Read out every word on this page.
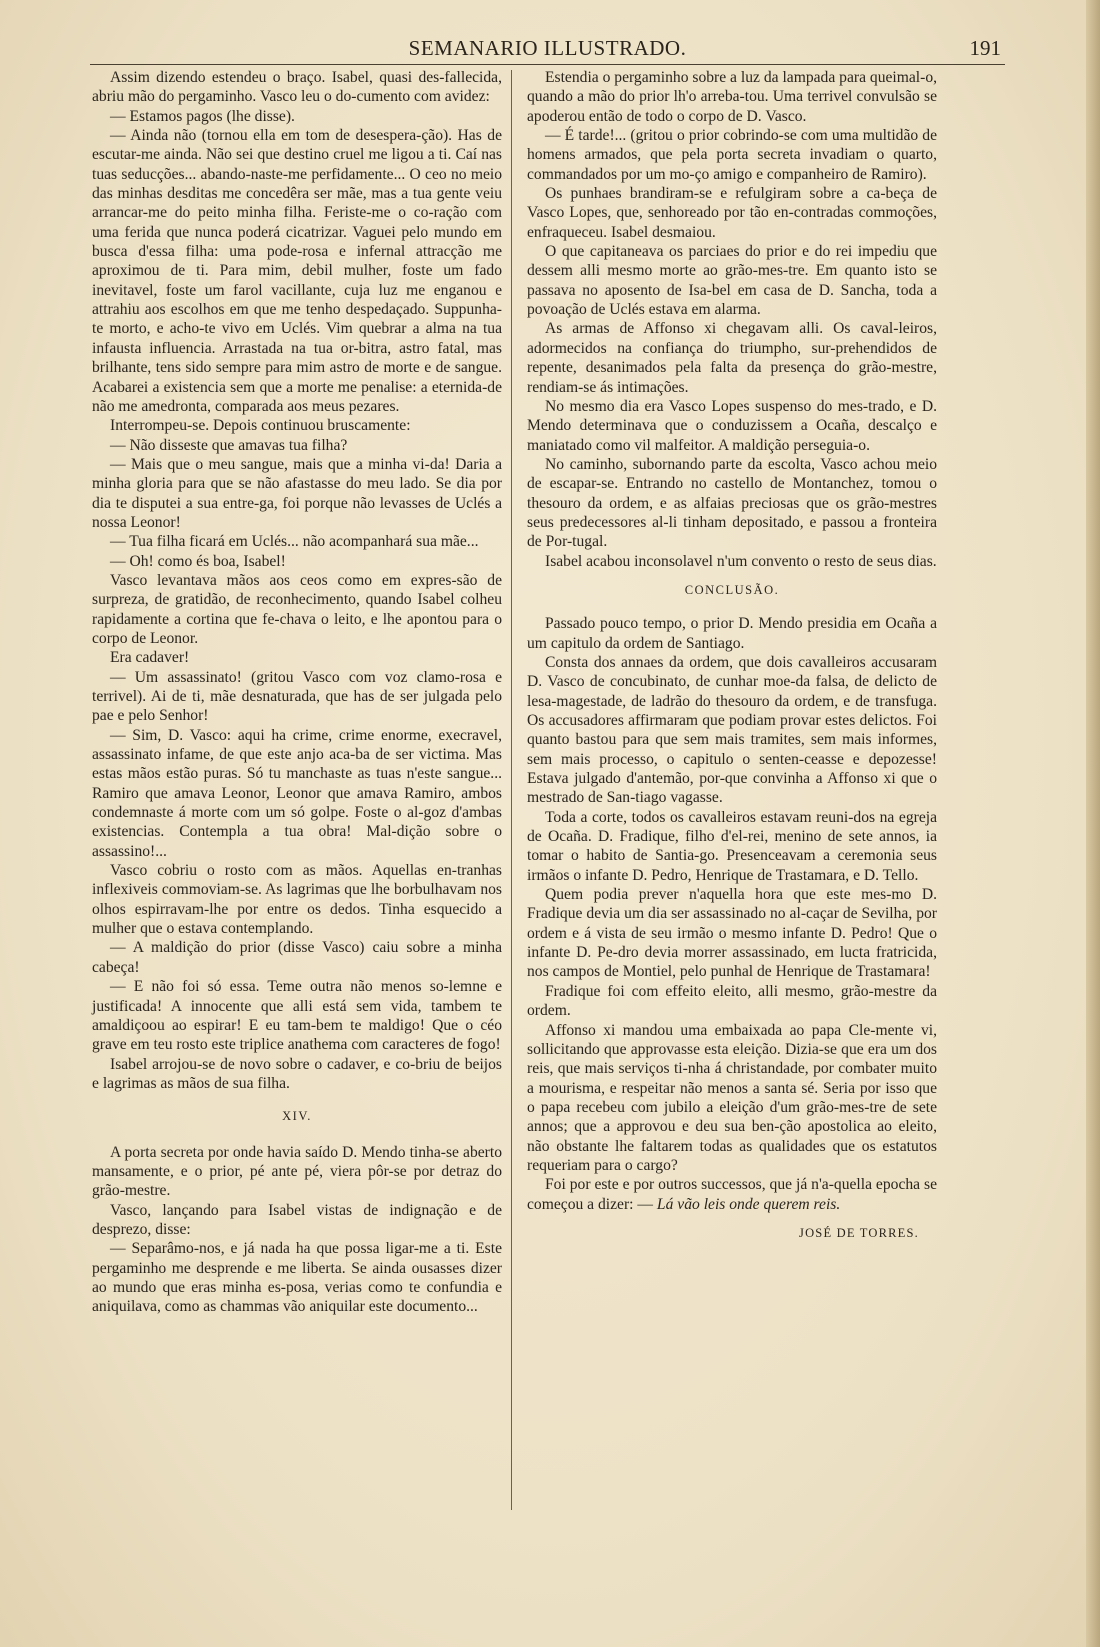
SEMANARIO ILLUSTRADO.	191

Assim dizendo estendeu o braço. Isabel, quasi des-fallecida, abriu mão do pergaminho. Vasco leu o do-cumento com avidez:

— Estamos pagos (lhe disse).

— Ainda não (tornou ella em tom de desespera-ção). Has de escutar-me ainda. Não sei que destino cruel me ligou a ti. Caí nas tuas seducções... abando-naste-me perfidamente... O ceo no meio das minhas desditas me concedêra ser mãe, mas a tua gente veiu arrancar-me do peito minha filha. Feriste-me o co-ração com uma ferida que nunca poderá cicatrizar. Vaguei pelo mundo em busca d'essa filha: uma pode-rosa e infernal attracção me aproximou de ti. Para mim, debil mulher, foste um fado inevitavel, foste um farol vacillante, cuja luz me enganou e attrahiu aos escolhos em que me tenho despedaçado. Suppunha-te morto, e acho-te vivo em Uclés. Vim quebrar a alma na tua infausta influencia. Arrastada na tua or-bitra, astro fatal, mas brilhante, tens sido sempre para mim astro de morte e de sangue. Acabarei a existencia sem que a morte me penalise: a eternida-de não me amedronta, comparada aos meus pezares.

Interrompeu-se. Depois continuou bruscamente:

— Não disseste que amavas tua filha?

— Mais que o meu sangue, mais que a minha vi-da! Daria a minha gloria para que se não afastasse do meu lado. Se dia por dia te disputei a sua entre-ga, foi porque não levasses de Uclés a nossa Leonor!

— Tua filha ficará em Uclés... não acompanhará sua mãe...

— Oh! como és boa, Isabel!

Vasco levantava mãos aos ceos como em expres-são de surpreza, de gratidão, de reconhecimento, quando Isabel colheu rapidamente a cortina que fe-chava o leito, e lhe apontou para o corpo de Leonor.

Era cadaver!

— Um assassinato! (gritou Vasco com voz clamo-rosa e terrivel). Ai de ti, mãe desnaturada, que has de ser julgada pelo pae e pelo Senhor!

— Sim, D. Vasco: aqui ha crime, crime enorme, execravel, assassinato infame, de que este anjo aca-ba de ser victima. Mas estas mãos estão puras. Só tu manchaste as tuas n'este sangue... Ramiro que amava Leonor, Leonor que amava Ramiro, ambos condemnaste á morte com um só golpe. Foste o al-goz d'ambas existencias. Contempla a tua obra! Mal-dição sobre o assassino!...

Vasco cobriu o rosto com as mãos. Aquellas en-tranhas inflexiveis commoviam-se. As lagrimas que lhe borbulhavam nos olhos espirravam-lhe por entre os dedos. Tinha esquecido a mulher que o estava contemplando.

— A maldição do prior (disse Vasco) caiu sobre a minha cabeça!

— E não foi só essa. Teme outra não menos so-lemne e justificada! A innocente que alli está sem vida, tambem te amaldiçoou ao espirar! E eu tam-bem te maldigo! Que o céo grave em teu rosto este triplice anathema com caracteres de fogo!

Isabel arrojou-se de novo sobre o cadaver, e co-briu de beijos e lagrimas as mãos de sua filha.

XIV.

A porta secreta por onde havia saído D. Mendo tinha-se aberto mansamente, e o prior, pé ante pé, viera pôr-se por detraz do grão-mestre.

Vasco, lançando para Isabel vistas de indignação e de desprezo, disse:

— Separâmo-nos, e já nada ha que possa ligar-me a ti. Este pergaminho me desprende e me liberta. Se ainda ousasses dizer ao mundo que eras minha es-posa, verias como te confundia e aniquilava, como as chammas vão aniquilar este documento...

Estendia o pergaminho sobre a luz da lampada para queimal-o, quando a mão do prior lh'o arreba-tou. Uma terrivel convulsão se apoderou então de todo o corpo de D. Vasco.

— É tarde!... (gritou o prior cobrindo-se com uma multidão de homens armados, que pela porta secreta invadiam o quarto, commandados por um mo-ço amigo e companheiro de Ramiro).

Os punhaes brandiram-se e refulgiram sobre a ca-beça de Vasco Lopes, que, senhoreado por tão en-contradas commoções, enfraqueceu. Isabel desmaiou.

O que capitaneava os parciaes do prior e do rei impediu que dessem alli mesmo morte ao grão-mes-tre. Em quanto isto se passava no aposento de Isa-bel em casa de D. Sancha, toda a povoação de Uclés estava em alarma.

As armas de Affonso xi chegavam alli. Os caval-leiros, adormecidos na confiança do triumpho, sur-prehendidos de repente, desanimados pela falta da presença do grão-mestre, rendiam-se ás intimações.

No mesmo dia era Vasco Lopes suspenso do mes-trado, e D. Mendo determinava que o conduzissem a Ocaña, descalço e maniatado como vil malfeitor. A maldição perseguia-o.

No caminho, subornando parte da escolta, Vasco achou meio de escapar-se. Entrando no castello de Montanchez, tomou o thesouro da ordem, e as alfaias preciosas que os grão-mestres seus predecessores al-li tinham depositado, e passou a fronteira de Por-tugal.

Isabel acabou inconsolavel n'um convento o resto de seus dias.

CONCLUSÃO.

Passado pouco tempo, o prior D. Mendo presidia em Ocaña a um capitulo da ordem de Santiago.

Consta dos annaes da ordem, que dois cavalleiros accusaram D. Vasco de concubinato, de cunhar moe-da falsa, de delicto de lesa-magestade, de ladrão do thesouro da ordem, e de transfuga. Os accusadores affirmaram que podiam provar estes delictos. Foi quanto bastou para que sem mais tramites, sem mais informes, sem mais processo, o capitulo o senten-ceasse e depozesse! Estava julgado d'antemão, por-que convinha a Affonso xi que o mestrado de San-tiago vagasse.

Toda a corte, todos os cavalleiros estavam reuni-dos na egreja de Ocaña. D. Fradique, filho d'el-rei, menino de sete annos, ia tomar o habito de Santia-go. Presenceavam a ceremonia seus irmãos o infante D. Pedro, Henrique de Trastamara, e D. Tello.

Quem podia prever n'aquella hora que este mes-mo D. Fradique devia um dia ser assassinado no al-caçar de Sevilha, por ordem e á vista de seu irmão o mesmo infante D. Pedro! Que o infante D. Pe-dro devia morrer assassinado, em lucta fratricida, nos campos de Montiel, pelo punhal de Henrique de Trastamara!

Fradique foi com effeito eleito, alli mesmo, grão-mestre da ordem.

Affonso xi mandou uma embaixada ao papa Cle-mente vi, sollicitando que approvasse esta eleição. Dizia-se que era um dos reis, que mais serviços ti-nha á christandade, por combater muito a mourisma, e respeitar não menos a santa sé. Seria por isso que o papa recebeu com jubilo a eleição d'um grão-mes-tre de sete annos; que a approvou e deu sua ben-ção apostolica ao eleito, não obstante lhe faltarem todas as qualidades que os estatutos requeriam para o cargo?

Foi por este e por outros successos, que já n'a-quella epocha se começou a dizer: — Lá vão leis onde querem reis.

JOSÉ DE TORRES.
